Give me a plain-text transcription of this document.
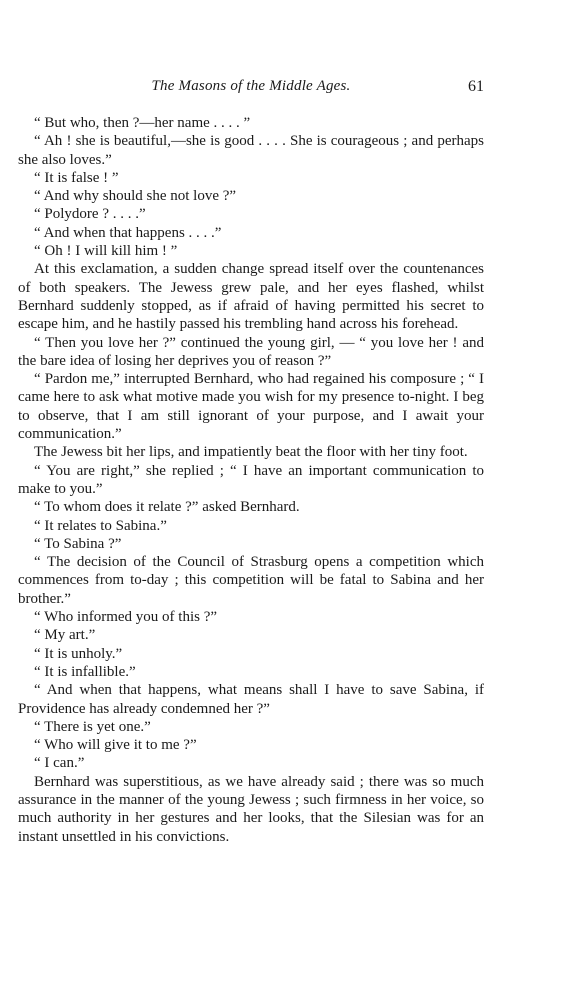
The Masons of the Middle Ages.	61

“ But who, then ?—her name . . . . ”

“ Ah ! she is beautiful,—she is good . . . . She is courageous ; and perhaps she also loves.”

“ It is false ! ”

“ And why should she not love ?”

“ Polydore ? . . . .”

“ And when that happens . . . .”

“ Oh ! I will kill him ! ”

At this exclamation, a sudden change spread itself over the countenances of both speakers. The Jewess grew pale, and her eyes flashed, whilst Bernhard suddenly stopped, as if afraid of having permitted his secret to escape him, and he hastily passed his trembling hand across his forehead.

“ Then you love her ?” continued the young girl, — “ you love her ! and the bare idea of losing her deprives you of reason ?”

“ Pardon me,” interrupted Bernhard, who had regained his composure ; “ I came here to ask what motive made you wish for my presence to-night. I beg to observe, that I am still ignorant of your purpose, and I await your communication.”

The Jewess bit her lips, and impatiently beat the floor with her tiny foot.

“ You are right,” she replied ; “ I have an important communication to make to you.”

“ To whom does it relate ?” asked Bernhard.

“ It relates to Sabina.”

“ To Sabina ?”

“ The decision of the Council of Strasburg opens a competition which commences from to-day ; this competition will be fatal to Sabina and her brother.”

“ Who informed you of this ?”

“ My art.”

“ It is unholy.”

“ It is infallible.”

“ And when that happens, what means shall I have to save Sabina, if Providence has already condemned her ?”

“ There is yet one.”

“ Who will give it to me ?”

“ I can.”

Bernhard was superstitious, as we have already said ; there was so much assurance in the manner of the young Jewess ; such firmness in her voice, so much authority in her gestures and her looks, that the Silesian was for an instant unsettled in his convictions.
